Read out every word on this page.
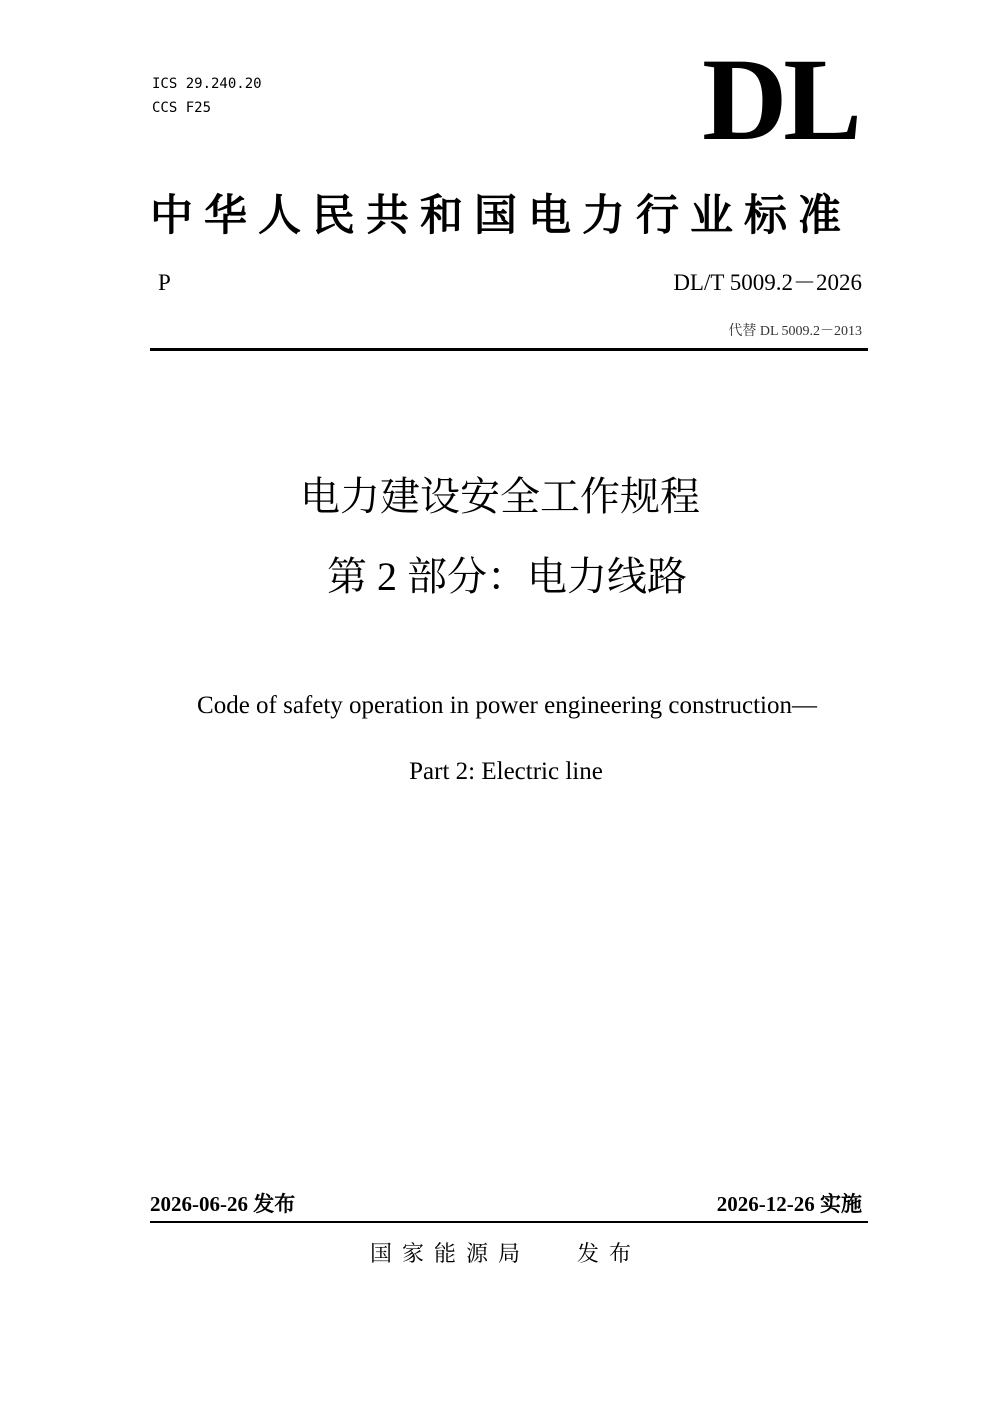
ICS 29.240.20
CCS F25	DL
中华人民共和国电力行业标准
P	DL/T 5009.2－2026
代替 DL 5009.2－2013
电力建设安全工作规程
第 2 部分：电力线路
Code of safety operation in power engineering construction—
Part 2: Electric line
2026-06-26 发布	2026-12-26 实施
国家能源局 发布
